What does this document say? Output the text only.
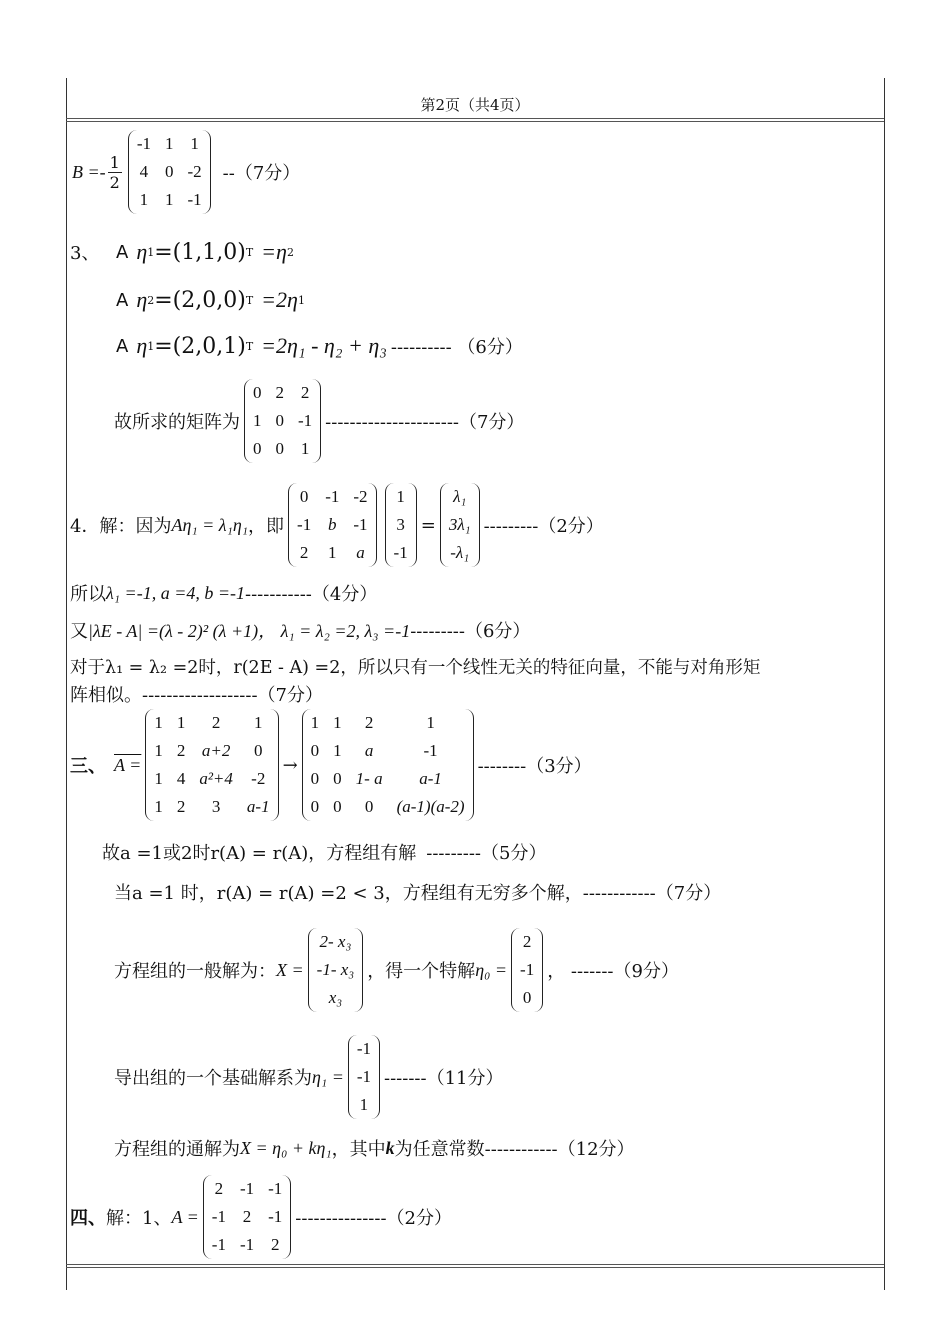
第2页（共4页）
$B =- \frac{1}{2}$
-1 1 1
4 0 -2
1 1 -1
--（7分）
3、 A η 1 =(1,1,0) T =η 2
A η 2 =(2,0,0) T =2η 1
A η 1 =(2,0,1) T =2η₁ - η₂ + η₃ ---------- （6分）
故所求的矩阵为
0 2 2
1 0 -1
0 0 1
----------------------（7分）
4．解：因为 Aη₁ = λ₁η₁ ，即
0 -1 -2
-1 b -1
2 1 a
1
3
-1
=
λ₁
3λ₁
-λ₁
---------（2分）
所以 λ₁ =-1, a =4, b =-1 -----------（4分）
又 |λE - A| =(λ - 2)² (λ +1)， λ₁ = λ₂ =2, λ₃ =-1 ---------（6分）
对于λ₁ = λ₂ =2时，r(2E - A) =2，所以只有一个线性无关的特征向量，不能与对角形矩
阵相似。-------------------（7分）
三、 A =
1 1 2 1
1 2 a+2 0
1 4 a²+4 -2
1 2 3 a-1
→
1 1 2	1
0 1 a	-1
0 0 1- a a-1
0 0 0 (a-1)(a-2)
--------（3分）
故a =1或2时r(A) = r(A)，方程组有解 ---------（5分）
当a =1 时，r(A) = r(A) =2 < 3，方程组有无穷多个解， ------------（7分）
方程组的一般解为： X =
2- x₃
-1- x₃
x₃
，得一个特解 η₀ =
2
-1
0
， -------（9分）
导出组的一个基础解系为 η₁ =
-1
-1
1
-------（11分）
方程组的通解为 X = η₀ + kη₁ ，其中 k 为任意常数 ------------（12分）
四、 解：1、 A =
2 -1 -1
-1 2 -1
-1 -1 2
---------------（2分）
